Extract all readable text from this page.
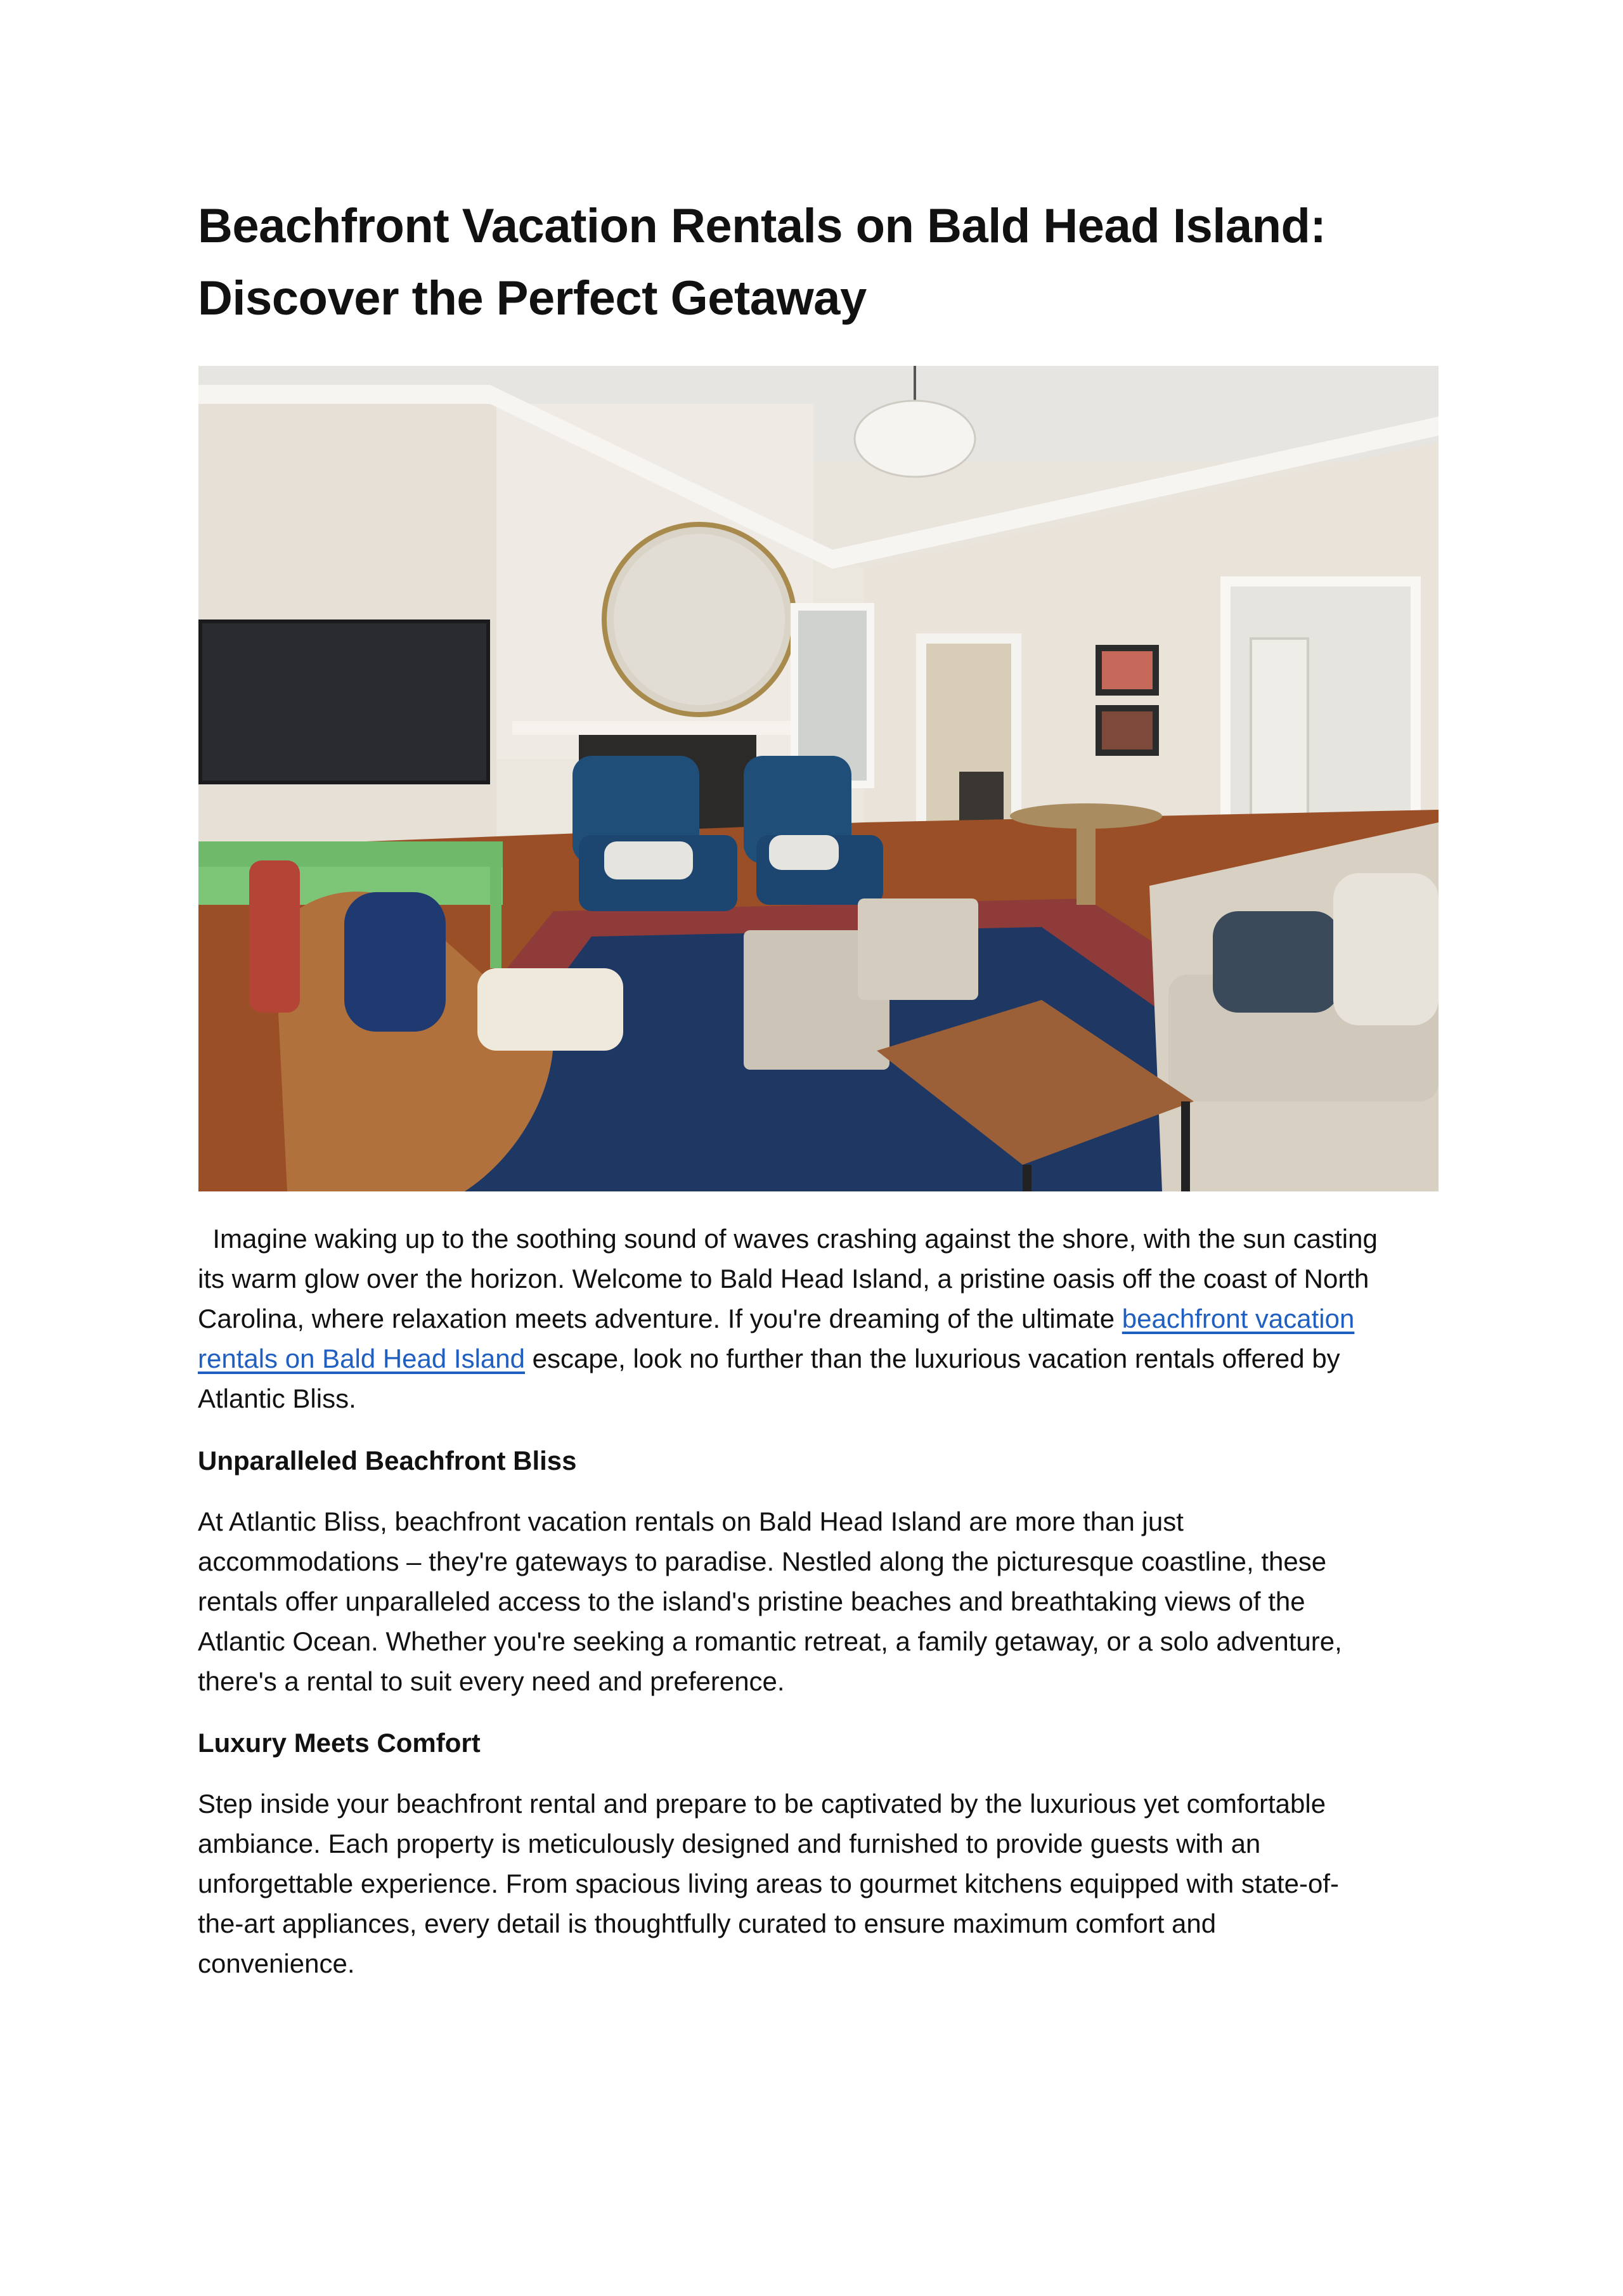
Beachfront Vacation Rentals on Bald Head Island:
Discover the Perfect Getaway

Imagine waking up to the soothing sound of waves crashing against the shore, with the sun casting
its warm glow over the horizon. Welcome to Bald Head Island, a pristine oasis off the coast of North
Carolina, where relaxation meets adventure. If you're dreaming of the ultimate beachfront vacation
rentals on Bald Head Island escape, look no further than the luxurious vacation rentals offered by
Atlantic Bliss.

Unparalleled Beachfront Bliss

At Atlantic Bliss, beachfront vacation rentals on Bald Head Island are more than just
accommodations – they're gateways to paradise. Nestled along the picturesque coastline, these
rentals offer unparalleled access to the island's pristine beaches and breathtaking views of the
Atlantic Ocean. Whether you're seeking a romantic retreat, a family getaway, or a solo adventure,
there's a rental to suit every need and preference.

Luxury Meets Comfort

Step inside your beachfront rental and prepare to be captivated by the luxurious yet comfortable
ambiance. Each property is meticulously designed and furnished to provide guests with an
unforgettable experience. From spacious living areas to gourmet kitchens equipped with state-of-
the-art appliances, every detail is thoughtfully curated to ensure maximum comfort and
convenience.
